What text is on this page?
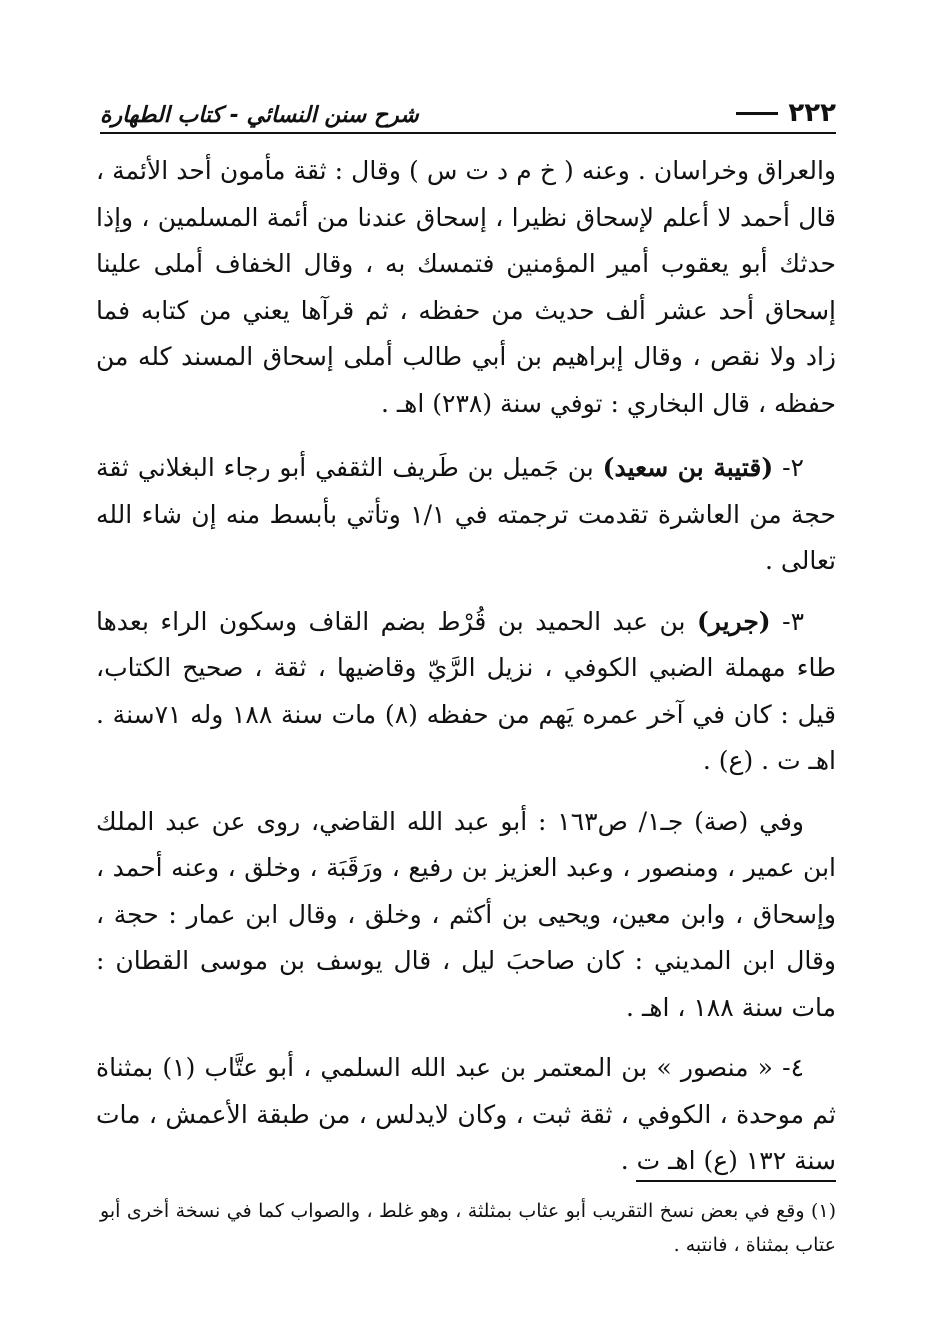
٢٢٢
شرح سنن النسائي - كتاب الطهارة

والعراق وخراسان . وعنه ( خ م د ت س ) وقال : ثقة مأمون أحد الأئمة ، قال أحمد لا أعلم لإسحاق نظيرا ، إسحاق عندنا من أئمة المسلمين ، وإذا حدثك أبو يعقوب أمير المؤمنين فتمسك به ، وقال الخفاف أملى علينا إسحاق أحد عشر ألف حديث من حفظه ، ثم قرآها يعني من كتابه فما زاد ولا نقص ، وقال إبراهيم بن أبي طالب أملى إسحاق المسند كله من حفظه ، قال البخاري : توفي سنة (٢٣٨) اهـ .

٢- (قتيبة بن سعيد) بن جَميل بن طَريف الثقفي أبو رجاء البغلاني ثقة حجة من العاشرة تقدمت ترجمته في ١/١ وتأتي بأبسط منه إن شاء الله تعالى .

٣- (جرير) بن عبد الحميد بن قُرْط بضم القاف وسكون الراء بعدها طاء مهملة الضبي الكوفي ، نزيل الرَّيّ وقاضيها ، ثقة ، صحيح الكتاب، قيل : كان في آخر عمره يَهم من حفظه (٨) مات سنة ١٨٨ وله ٧١سنة . اهـ ت . (ع) .

وفي (صة) جـ١/ ص١٦٣ : أبو عبد الله القاضي، روى عن عبد الملك ابن عمير ، ومنصور ، وعبد العزيز بن رفيع ، ورَقَبَة ، وخلق ، وعنه أحمد ، وإسحاق ، وابن معين، ويحيى بن أكثم ، وخلق ، وقال ابن عمار : حجة ، وقال ابن المديني : كان صاحبَ ليل ، قال يوسف بن موسى القطان : مات سنة ١٨٨ ، اهـ .

٤- « منصور » بن المعتمر بن عبد الله السلمي ، أبو عتَّاب (١) بمثناة ثم موحدة ، الكوفي ، ثقة ثبت ، وكان لايدلس ، من طبقة الأعمش ، مات سنة ١٣٢ (ع) اهـ ت .

(١) وقع في بعض نسخ التقريب أبو عثاب بمثلثة ، وهو غلط ، والصواب كما في نسخة أخرى أبو عتاب بمثناة ، فانتبه .
